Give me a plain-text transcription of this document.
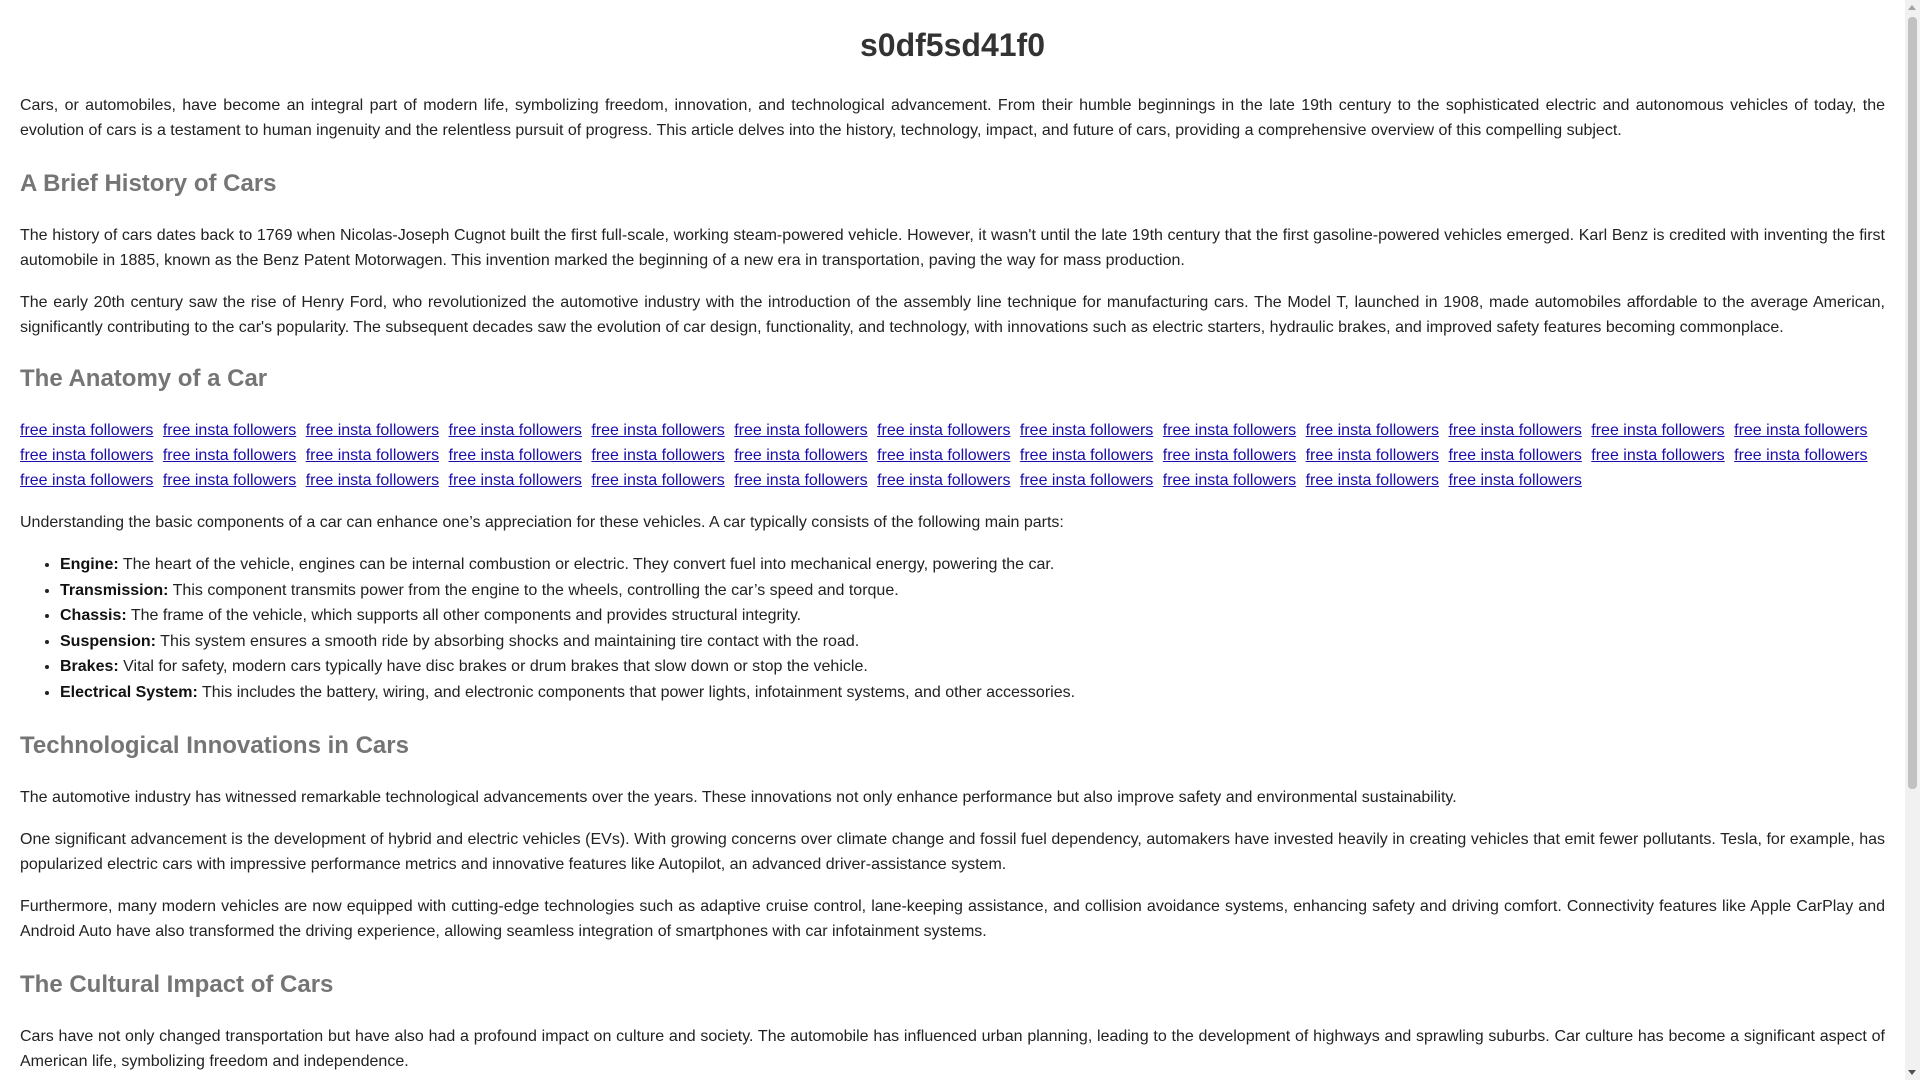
s0df5sd41f0

Cars, or automobiles, have become an integral part of modern life, symbolizing freedom, innovation, and technological advancement. From their humble beginnings in the late 19th century to the sophisticated electric and autonomous vehicles of today, the evolution of cars is a testament to human ingenuity and the relentless pursuit of progress. This article delves into the history, technology, impact, and future of cars, providing a comprehensive overview of this compelling subject.

A Brief History of Cars

The history of cars dates back to 1769 when Nicolas-Joseph Cugnot built the first full-scale, working steam-powered vehicle. However, it wasn't until the late 19th century that the first gasoline-powered vehicles emerged. Karl Benz is credited with inventing the first automobile in 1885, known as the Benz Patent Motorwagen. This invention marked the beginning of a new era in transportation, paving the way for mass production.

The early 20th century saw the rise of Henry Ford, who revolutionized the automotive industry with the introduction of the assembly line technique for manufacturing cars. The Model T, launched in 1908, made automobiles affordable to the average American, significantly contributing to the car's popularity. The subsequent decades saw the evolution of car design, functionality, and technology, with innovations such as electric starters, hydraulic brakes, and improved safety features becoming commonplace.

The Anatomy of a Car
free insta followers free insta followers free insta followers free insta followers free insta followers free insta followers free insta followers free insta followers free insta followers free insta followers free insta followers free insta followers free insta followers free insta followers free insta followers free insta followers free insta followers free insta followers free insta followers free insta followers free insta followers free insta followers free insta followers free insta followers free insta followers free insta followers free insta followers free insta followers free insta followers free insta followers free insta followers free insta followers free insta followers free insta followers free insta followers free insta followers free insta followers

Understanding the basic components of a car can enhance one’s appreciation for these vehicles. A car typically consists of the following main parts:

• Engine: The heart of the vehicle, engines can be internal combustion or electric. They convert fuel into mechanical energy, powering the car.
• Transmission: This component transmits power from the engine to the wheels, controlling the car’s speed and torque.
• Chassis: The frame of the vehicle, which supports all other components and provides structural integrity.
• Suspension: This system ensures a smooth ride by absorbing shocks and maintaining tire contact with the road.
• Brakes: Vital for safety, modern cars typically have disc brakes or drum brakes that slow down or stop the vehicle.
• Electrical System: This includes the battery, wiring, and electronic components that power lights, infotainment systems, and other accessories.
Technological Innovations in Cars

The automotive industry has witnessed remarkable technological advancements over the years. These innovations not only enhance performance but also improve safety and environmental sustainability.

One significant advancement is the development of hybrid and electric vehicles (EVs). With growing concerns over climate change and fossil fuel dependency, automakers have invested heavily in creating vehicles that emit fewer pollutants. Tesla, for example, has popularized electric cars with impressive performance metrics and innovative features like Autopilot, an advanced driver-assistance system.

Furthermore, many modern vehicles are now equipped with cutting-edge technologies such as adaptive cruise control, lane-keeping assistance, and collision avoidance systems, enhancing safety and driving comfort. Connectivity features like Apple CarPlay and Android Auto have also transformed the driving experience, allowing seamless integration of smartphones with car infotainment systems.

The Cultural Impact of Cars

Cars have not only changed transportation but have also had a profound impact on culture and society. The automobile has influenced urban planning, leading to the development of highways and sprawling suburbs. Car culture has become a significant aspect of American life, symbolizing freedom and independence.
